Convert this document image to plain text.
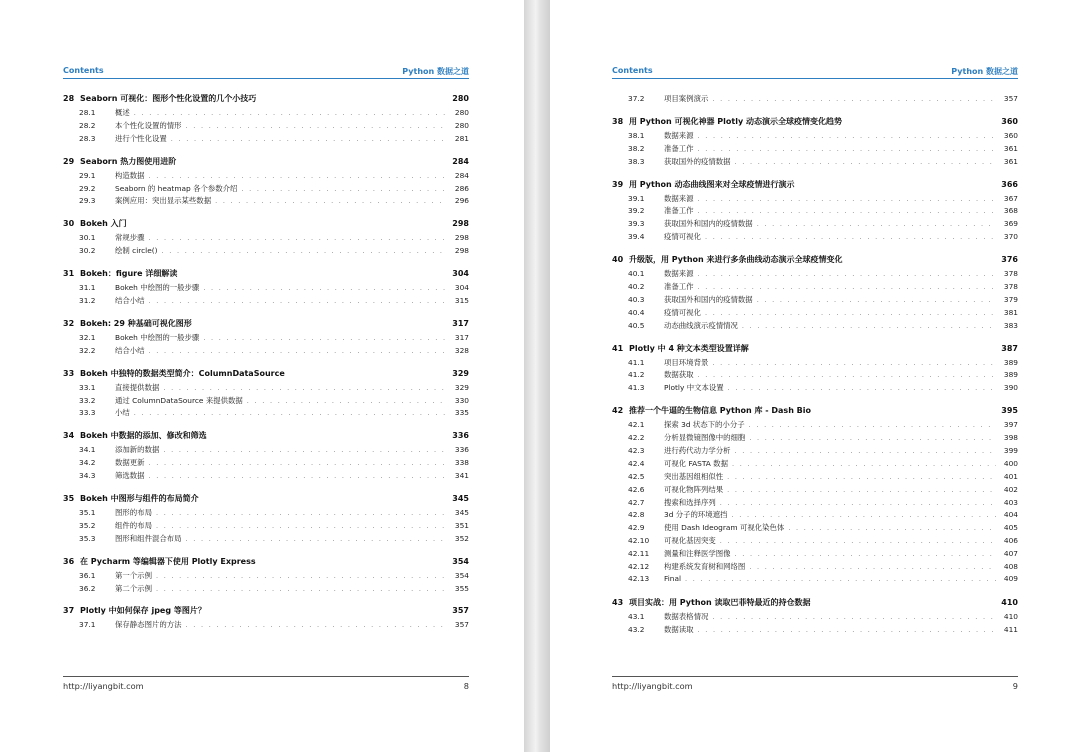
Contents	Python 数据之道
28 Seaborn 可视化：图形个性化设置的几个小技巧	280
28.1	概述 . . .	280
28.2	本个性化设置的情形 . . .	280
28.3	进行个性化设置 . . .	281
29 Seaborn 热力图使用进阶	284
29.1	构造数据 . . .	284
29.2	Seaborn 的 heatmap 各个参数介绍 . . .	286
29.3	案例应用：突出显示某些数据 . . .	296
30 Bokeh 入门	298
30.1	常规步骤 . . .	298
30.2	绘制 circle() . . .	298
31 Bokeh：figure 详细解读	304
31.1	Bokeh 中绘图的一般步骤 . . .	304
31.2	结合小结 . . .	315
32 Bokeh: 29 种基础可视化图形	317
32.1	Bokeh 中绘图的一般步骤 . . .	317
32.2	结合小结 . . .	328
33 Bokeh 中独特的数据类型简介：ColumnDataSource	329
33.1	直接提供数据 . . .	329
33.2	通过 ColumnDataSource 来提供数据 . . .	330
33.3	小结 . . .	335
34 Bokeh 中数据的添加、修改和筛选	336
34.1	添加新的数据 . . .	336
34.2	数据更新 . . .	338
34.3	筛选数据 . . .	341
35 Bokeh 中图形与组件的布局简介	345
35.1	图形的布局 . . .	345
35.2	组件的布局 . . .	351
35.3	图形和组件混合布局 . . .	352
36 在 Pycharm 等编辑器下使用 Plotly Express	354
36.1	第一个示例 . . .	354
36.2	第二个示例 . . .	355
37 Plotly 中如何保存 jpeg 等图片？	357
37.1	保存静态图片的方法 . . .	357
http://liyangbit.com	8
Contents	Python 数据之道
37.2	项目案例演示 . . .	357
38 用 Python 可视化神器 Plotly 动态演示全球疫情变化趋势	360
38.1	数据来源 . . .	360
38.2	准备工作 . . .	361
38.3	获取国外的疫情数据 . . .	361
39 用 Python 动态曲线图来对全球疫情进行演示	366
39.1	数据来源 . . .	367
39.2	准备工作 . . .	368
39.3	获取国外和国内的疫情数据 . . .	369
39.4	疫情可视化 . . .	370
40 升级版，用 Python 来进行多条曲线动态演示全球疫情变化	376
40.1	数据来源 . . .	378
40.2	准备工作 . . .	378
40.3	获取国外和国内的疫情数据 . . .	379
40.4	疫情可视化 . . .	381
40.5	动态曲线演示疫情情况 . . .	383
41 Plotly 中 4 种文本类型设置详解	387
41.1	项目环境背景 . . .	389
41.2	数据获取 . . .	389
41.3	Plotly 中文本设置 . . .	390
42 推荐一个牛逼的生物信息 Python 库 - Dash Bio	395
42.1	探索 3d 状态下的小分子 . . .	397
42.2	分析显微镜图像中的细胞 . . .	398
42.3	进行药代动力学分析 . . .	399
42.4	可视化 FASTA 数据 . . .	400
42.5	突出基因组相似性 . . .	401
42.6	可视化物阵列结果 . . .	402
42.7	搜索和选择序列 . . .	403
42.8	3d 分子的环境遮挡 . . .	404
42.9	使用 Dash Ideogram 可视化染色体 . . .	405
42.10	可视化基因突变 . . .	406
42.11	测量和注释医学图像 . . .	407
42.12	构建系统发育树和网络图 . . .	408
42.13	Final . . .	409
43 项目实战：用 Python 读取巴菲特最近的持仓数据	410
43.1	数据表格情况 . . .	410
43.2	数据读取 . . .	411
http://liyangbit.com	9
